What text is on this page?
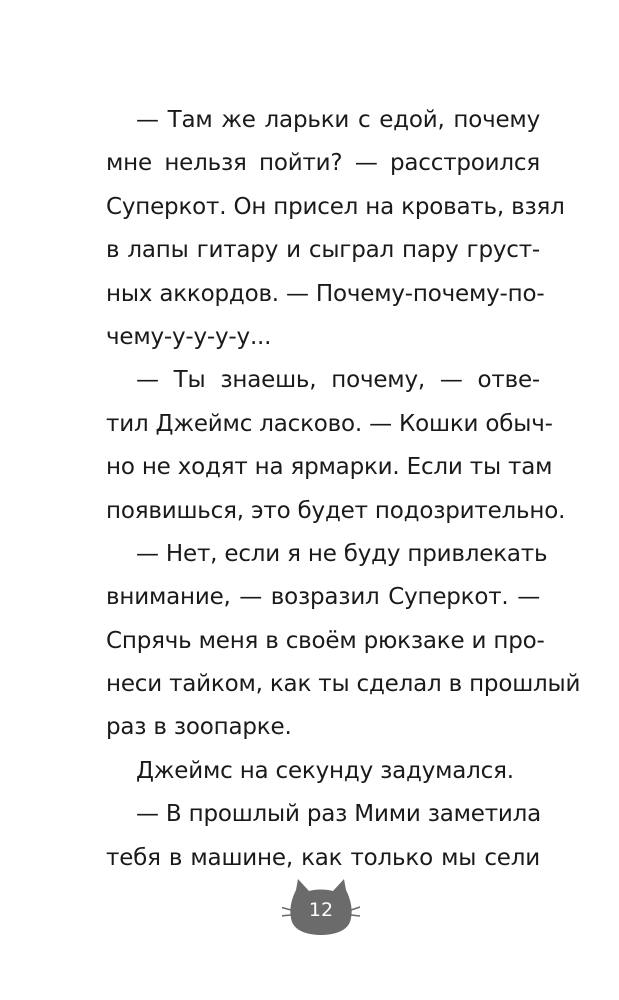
— Там же ларьки с едой, почему
мне нельзя пойти? — расстроился
Суперкот. Он присел на кровать, взял
в лапы гитару и сыграл пару груст-
ных аккордов. — Почему-почему-по-
чему-у-у-у-у...
— Ты знаешь, почему, — отве-
тил Джеймс ласково. — Кошки обыч-
но не ходят на ярмарки. Если ты там
появишься, это будет подозрительно.
— Нет, если я не буду привлекать
внимание, — возразил Суперкот. —
Спрячь меня в своём рюкзаке и про-
неси тайком, как ты сделал в прошлый
раз в зоопарке.
Джеймс на секунду задумался.
— В прошлый раз Мими заметила
тебя в машине, как только мы сели
12
